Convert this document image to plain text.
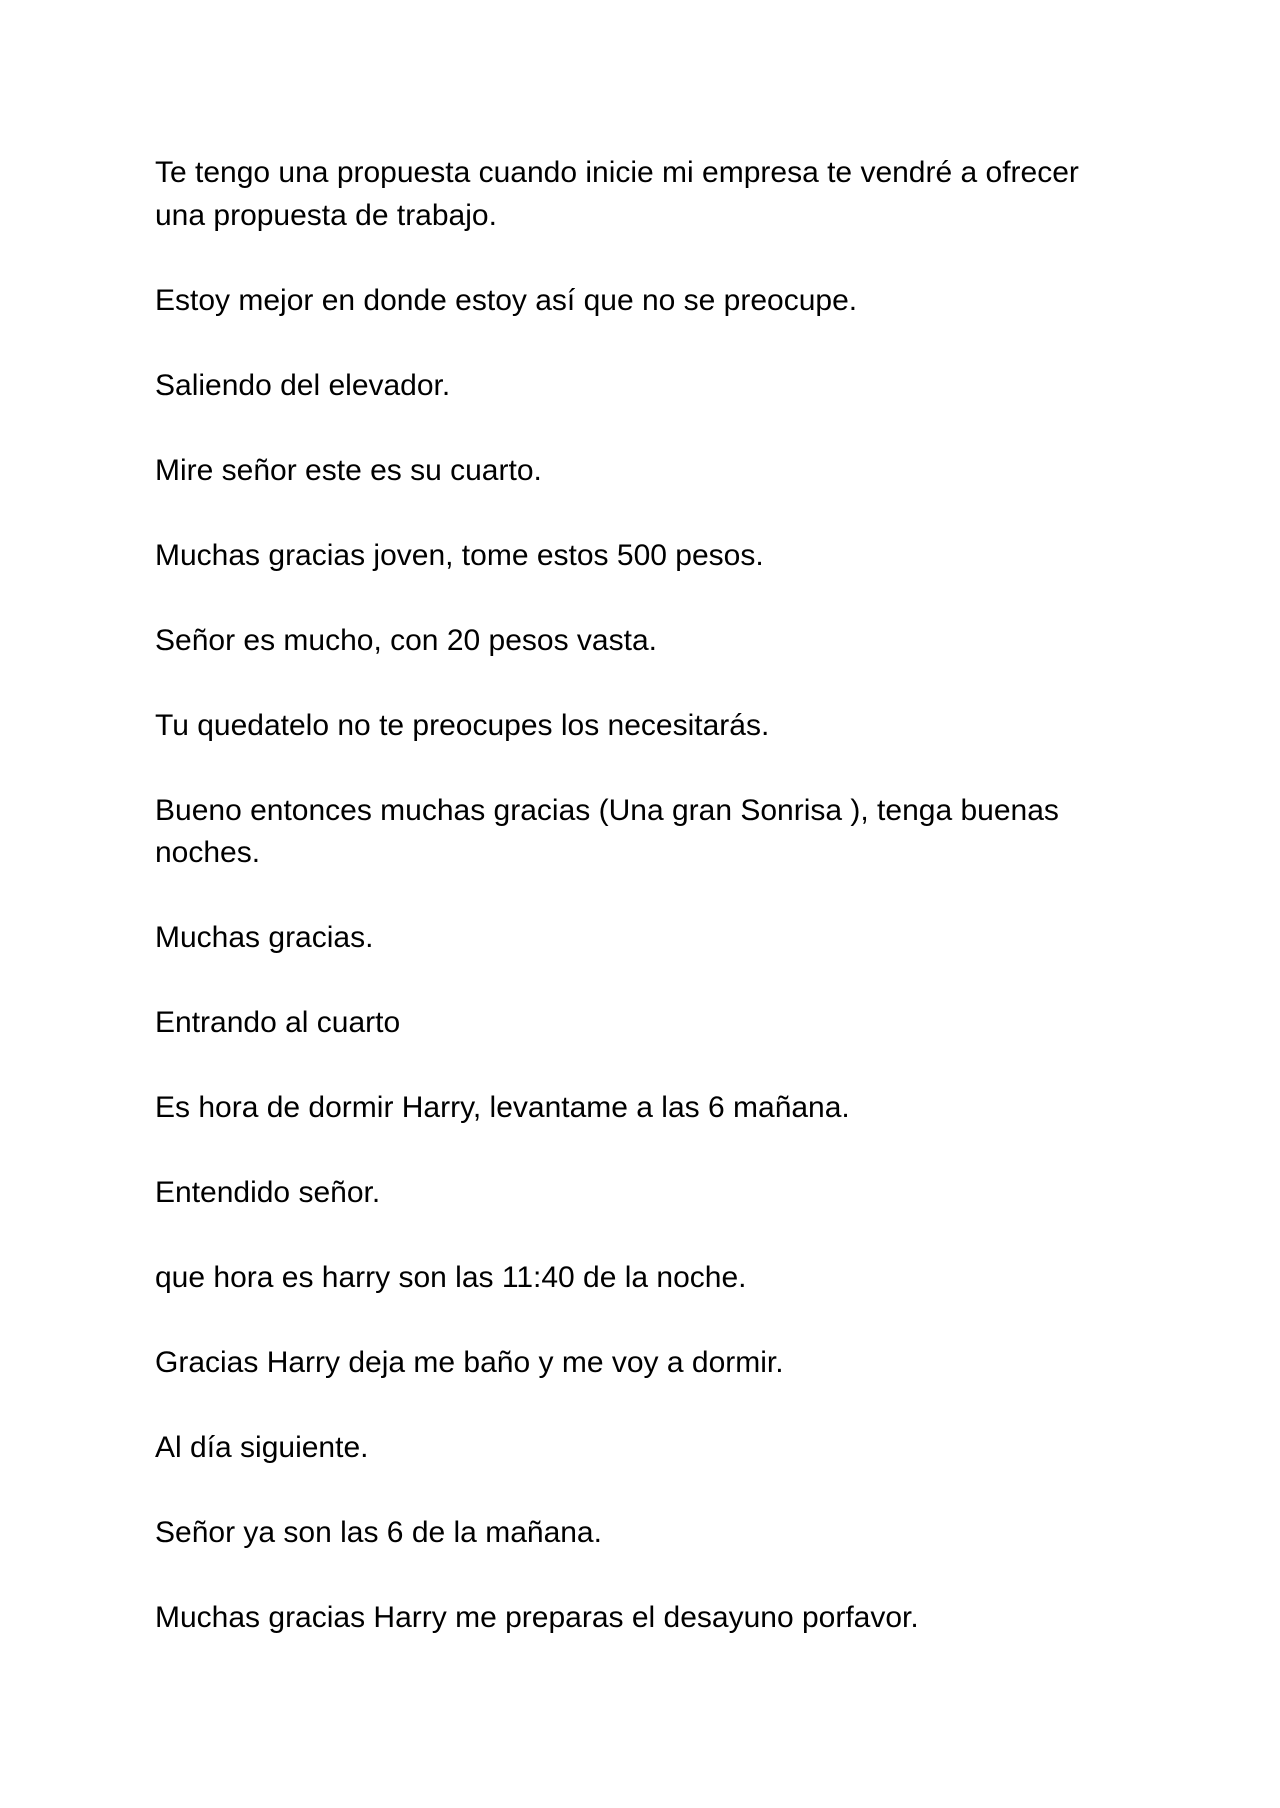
Te tengo una propuesta cuando inicie mi empresa te vendré a ofrecer una propuesta de trabajo.

Estoy mejor en donde estoy así que no se preocupe.

Saliendo del elevador.

Mire señor este es su cuarto.

Muchas gracias joven, tome estos 500 pesos.

Señor es mucho, con 20 pesos vasta.

Tu quedatelo no te preocupes los necesitarás.

Bueno entonces muchas gracias (Una gran Sonrisa ), tenga buenas noches.

Muchas gracias.

Entrando al cuarto

Es hora de dormir Harry, levantame a las 6 mañana.

Entendido señor.

que hora es harry son las 11:40 de la noche.

Gracias Harry deja me baño y me voy a dormir.

Al día siguiente.

Señor ya son las 6 de la mañana.

Muchas gracias Harry me preparas el desayuno porfavor.
